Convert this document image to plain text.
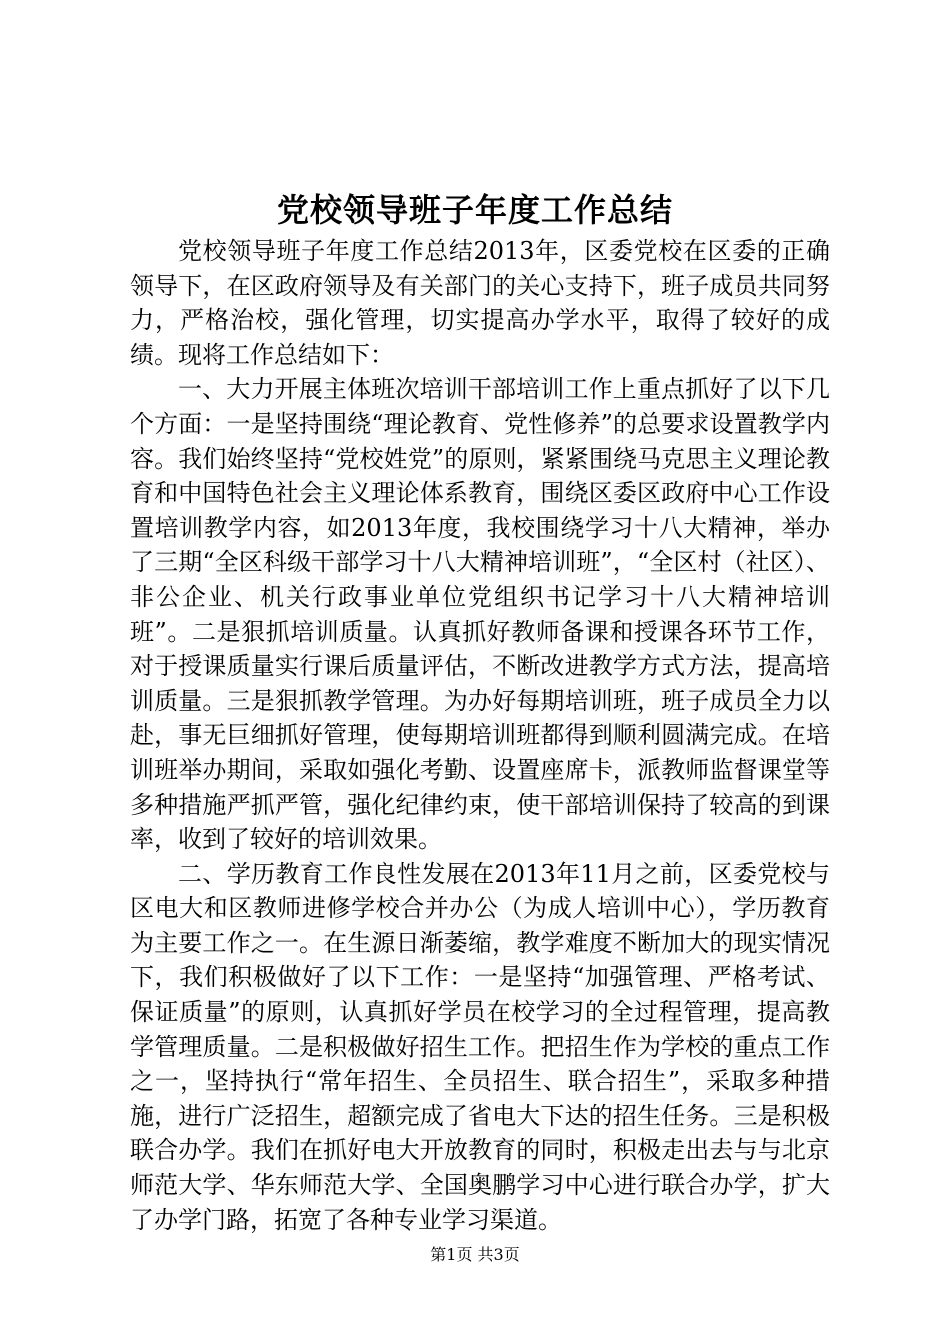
党校领导班子年度工作总结

党校领导班子年度工作总结2013年，区委党校在区委的正确领导下，在区政府领导及有关部门的关心支持下，班子成员共同努力，严格治校，强化管理，切实提高办学水平，取得了较好的成绩。现将工作总结如下：

一、大力开展主体班次培训干部培训工作上重点抓好了以下几个方面：一是坚持围绕“理论教育、党性修养”的总要求设置教学内容。我们始终坚持“党校姓党”的原则，紧紧围绕马克思主义理论教育和中国特色社会主义理论体系教育，围绕区委区政府中心工作设置培训教学内容，如2013年度，我校围绕学习十八大精神，举办了三期“全区科级干部学习十八大精神培训班”，“全区村（社区）、非公企业、机关行政事业单位党组织书记学习十八大精神培训班”。二是狠抓培训质量。认真抓好教师备课和授课各环节工作，对于授课质量实行课后质量评估，不断改进教学方式方法，提高培训质量。三是狠抓教学管理。为办好每期培训班，班子成员全力以赴，事无巨细抓好管理，使每期培训班都得到顺利圆满完成。在培训班举办期间，采取如强化考勤、设置座席卡，派教师监督课堂等多种措施严抓严管，强化纪律约束，使干部培训保持了较高的到课率，收到了较好的培训效果。

二、学历教育工作良性发展在2013年11月之前，区委党校与区电大和区教师进修学校合并办公（为成人培训中心），学历教育为主要工作之一。在生源日渐萎缩，教学难度不断加大的现实情况下，我们积极做好了以下工作：一是坚持“加强管理、严格考试、保证质量”的原则，认真抓好学员在校学习的全过程管理，提高教学管理质量。二是积极做好招生工作。把招生作为学校的重点工作之一，坚持执行“常年招生、全员招生、联合招生”，采取多种措施，进行广泛招生，超额完成了省电大下达的招生任务。三是积极联合办学。我们在抓好电大开放教育的同时，积极走出去与与北京师范大学、华东师范大学、全国奥鹏学习中心进行联合办学，扩大了办学门路，拓宽了各种专业学习渠道。

第1页 共3页
